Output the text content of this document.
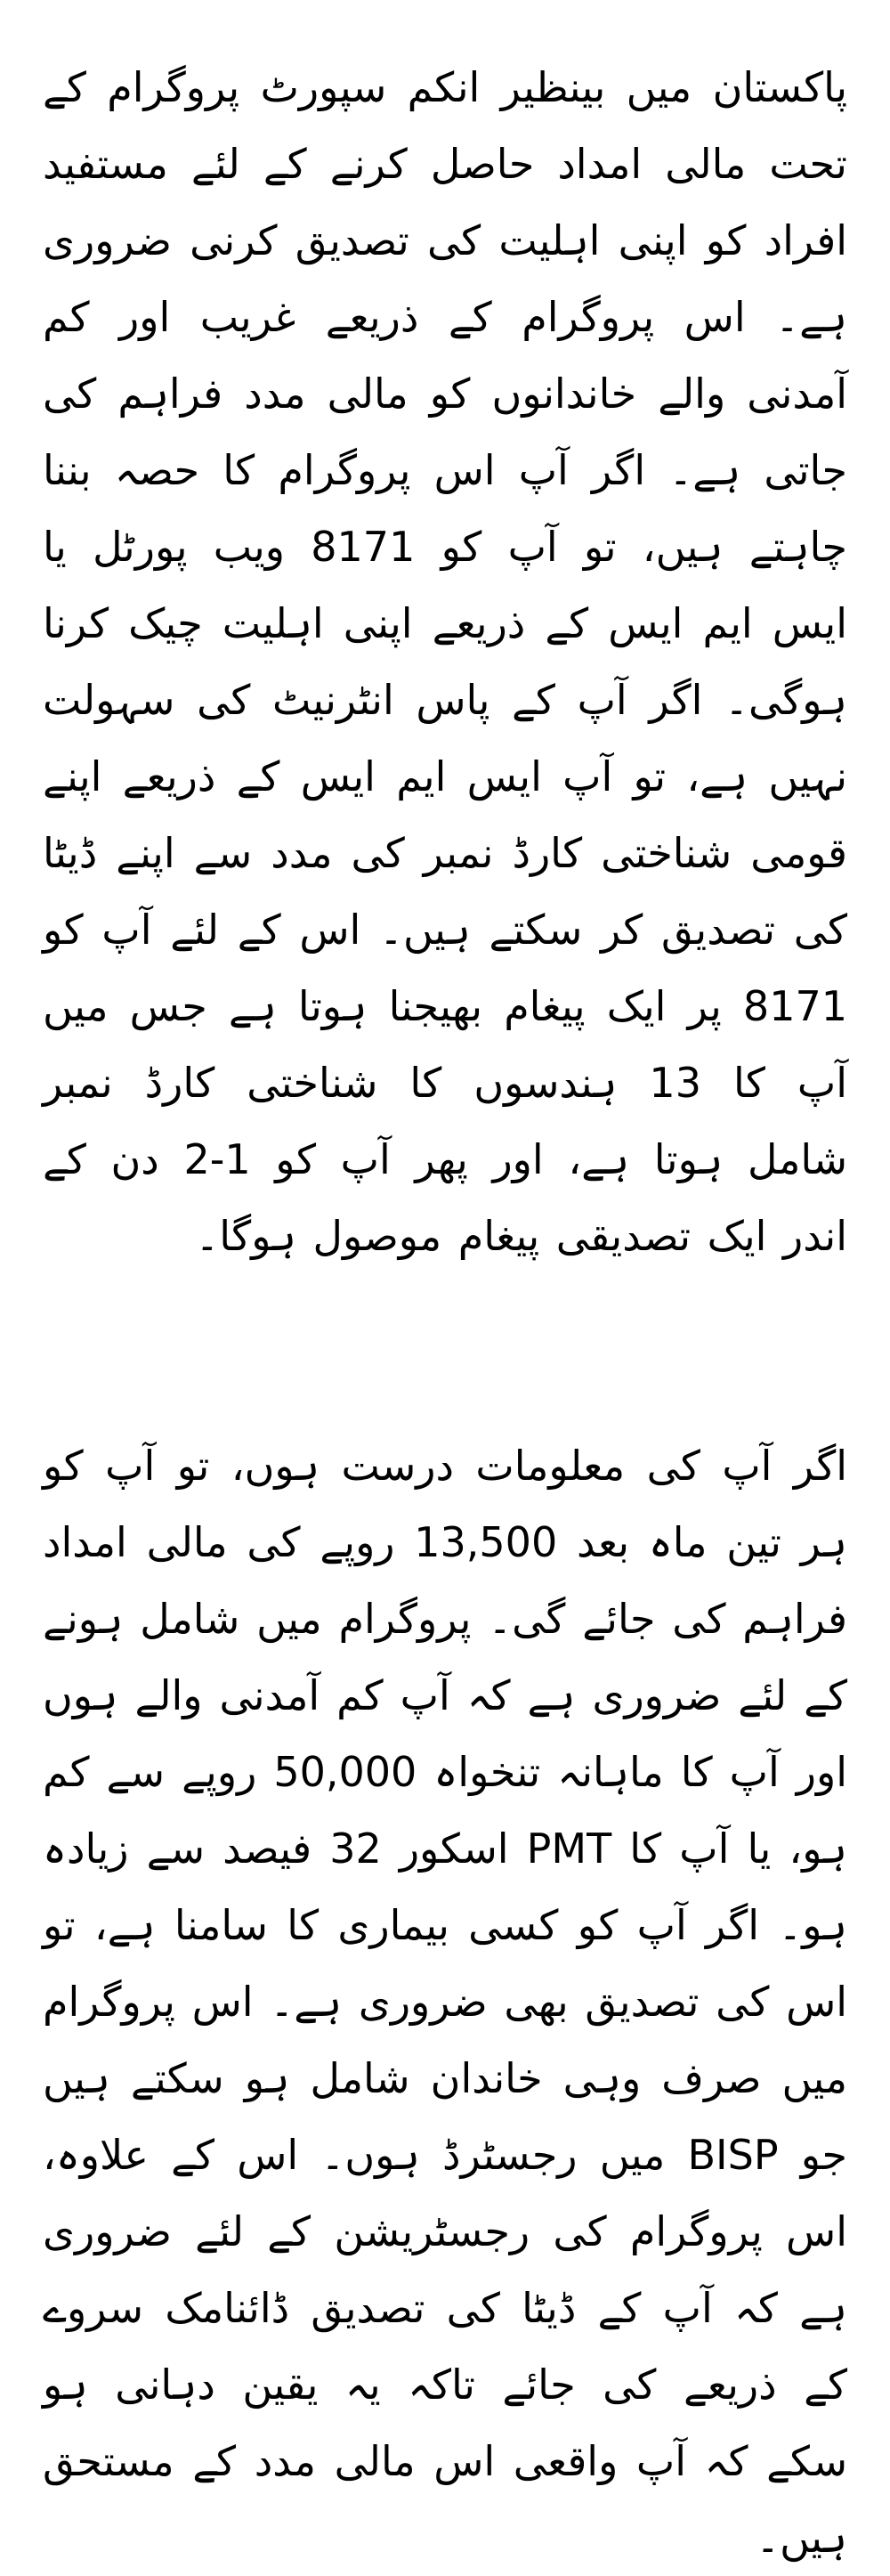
پاکستان میں بینظیر انکم سپورٹ پروگرام کے تحت مالی امداد حاصل کرنے کے لئے مستفید افراد کو اپنی اہلیت کی تصدیق کرنی ضروری ہے۔ اس پروگرام کے ذریعے غریب اور کم آمدنی والے خاندانوں کو مالی مدد فراہم کی جاتی ہے۔ اگر آپ اس پروگرام کا حصہ بننا چاہتے ہیں، تو آپ کو 8171 ویب پورٹل یا ایس ایم ایس کے ذریعے اپنی اہلیت چیک کرنا ہوگی۔ اگر آپ کے پاس انٹرنیٹ کی سہولت نہیں ہے، تو آپ ایس ایم ایس کے ذریعے اپنے قومی شناختی کارڈ نمبر کی مدد سے اپنے ڈیٹا کی تصدیق کر سکتے ہیں۔ اس کے لئے آپ کو 8171 پر ایک پیغام بھیجنا ہوتا ہے جس میں آپ کا 13 ہندسوں کا شناختی کارڈ نمبر شامل ہوتا ہے، اور پھر آپ کو 1-2 دن کے اندر ایک تصدیقی پیغام موصول ہوگا۔

اگر آپ کی معلومات درست ہوں، تو آپ کو ہر تین ماہ بعد 13,500 روپے کی مالی امداد فراہم کی جائے گی۔ پروگرام میں شامل ہونے کے لئے ضروری ہے کہ آپ کم آمدنی والے ہوں اور آپ کا ماہانہ تنخواہ 50,000 روپے سے کم ہو، یا آپ کا PMT اسکور 32 فیصد سے زیادہ ہو۔ اگر آپ کو کسی بیماری کا سامنا ہے، تو اس کی تصدیق بھی ضروری ہے۔ اس پروگرام میں صرف وہی خاندان شامل ہو سکتے ہیں جو BISP میں رجسٹرڈ ہوں۔ اس کے علاوہ، اس پروگرام کی رجسٹریشن کے لئے ضروری ہے کہ آپ کے ڈیٹا کی تصدیق ڈائنامک سروے کے ذریعے کی جائے تاکہ یہ یقین دہانی ہو سکے کہ آپ واقعی اس مالی مدد کے مستحق ہیں۔
